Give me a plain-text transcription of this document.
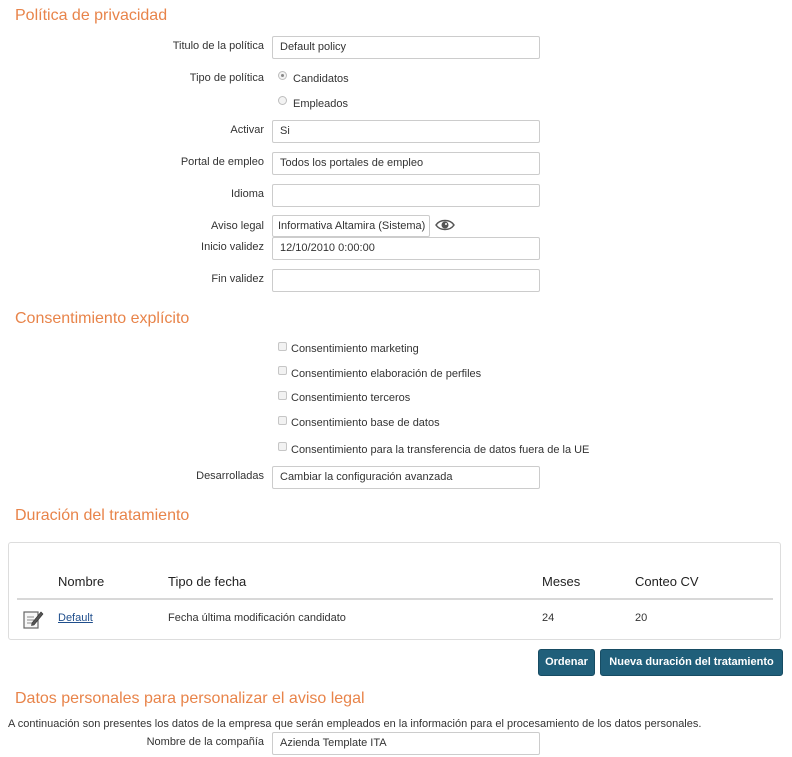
Política de privacidad
Titulo de la política	Default policy
Tipo de política	Candidatos
Empleados
Activar	Si
Portal de empleo	Todos los portales de empleo
Idioma
Aviso legal	Informativa Altamira (Sistema)
Inicio validez	12/10/2010 0:00:00
Fin validez
Consentimiento explícito
Consentimiento marketing
Consentimiento elaboración de perfiles
Consentimiento terceros
Consentimiento base de datos
Consentimiento para la transferencia de datos fuera de la UE
Desarrolladas	Cambiar la configuración avanzada
Duración del tratamiento
Nombre	Tipo de fecha	Meses	Conteo CV
Default	Fecha última modificación candidato	24	20
Ordenar	Nueva duración del tratamiento
Datos personales para personalizar el aviso legal
A continuación son presentes los datos de la empresa que serán empleados en la información para el procesamiento de los datos personales.
Nombre de la compañía	Azienda Template ITA
